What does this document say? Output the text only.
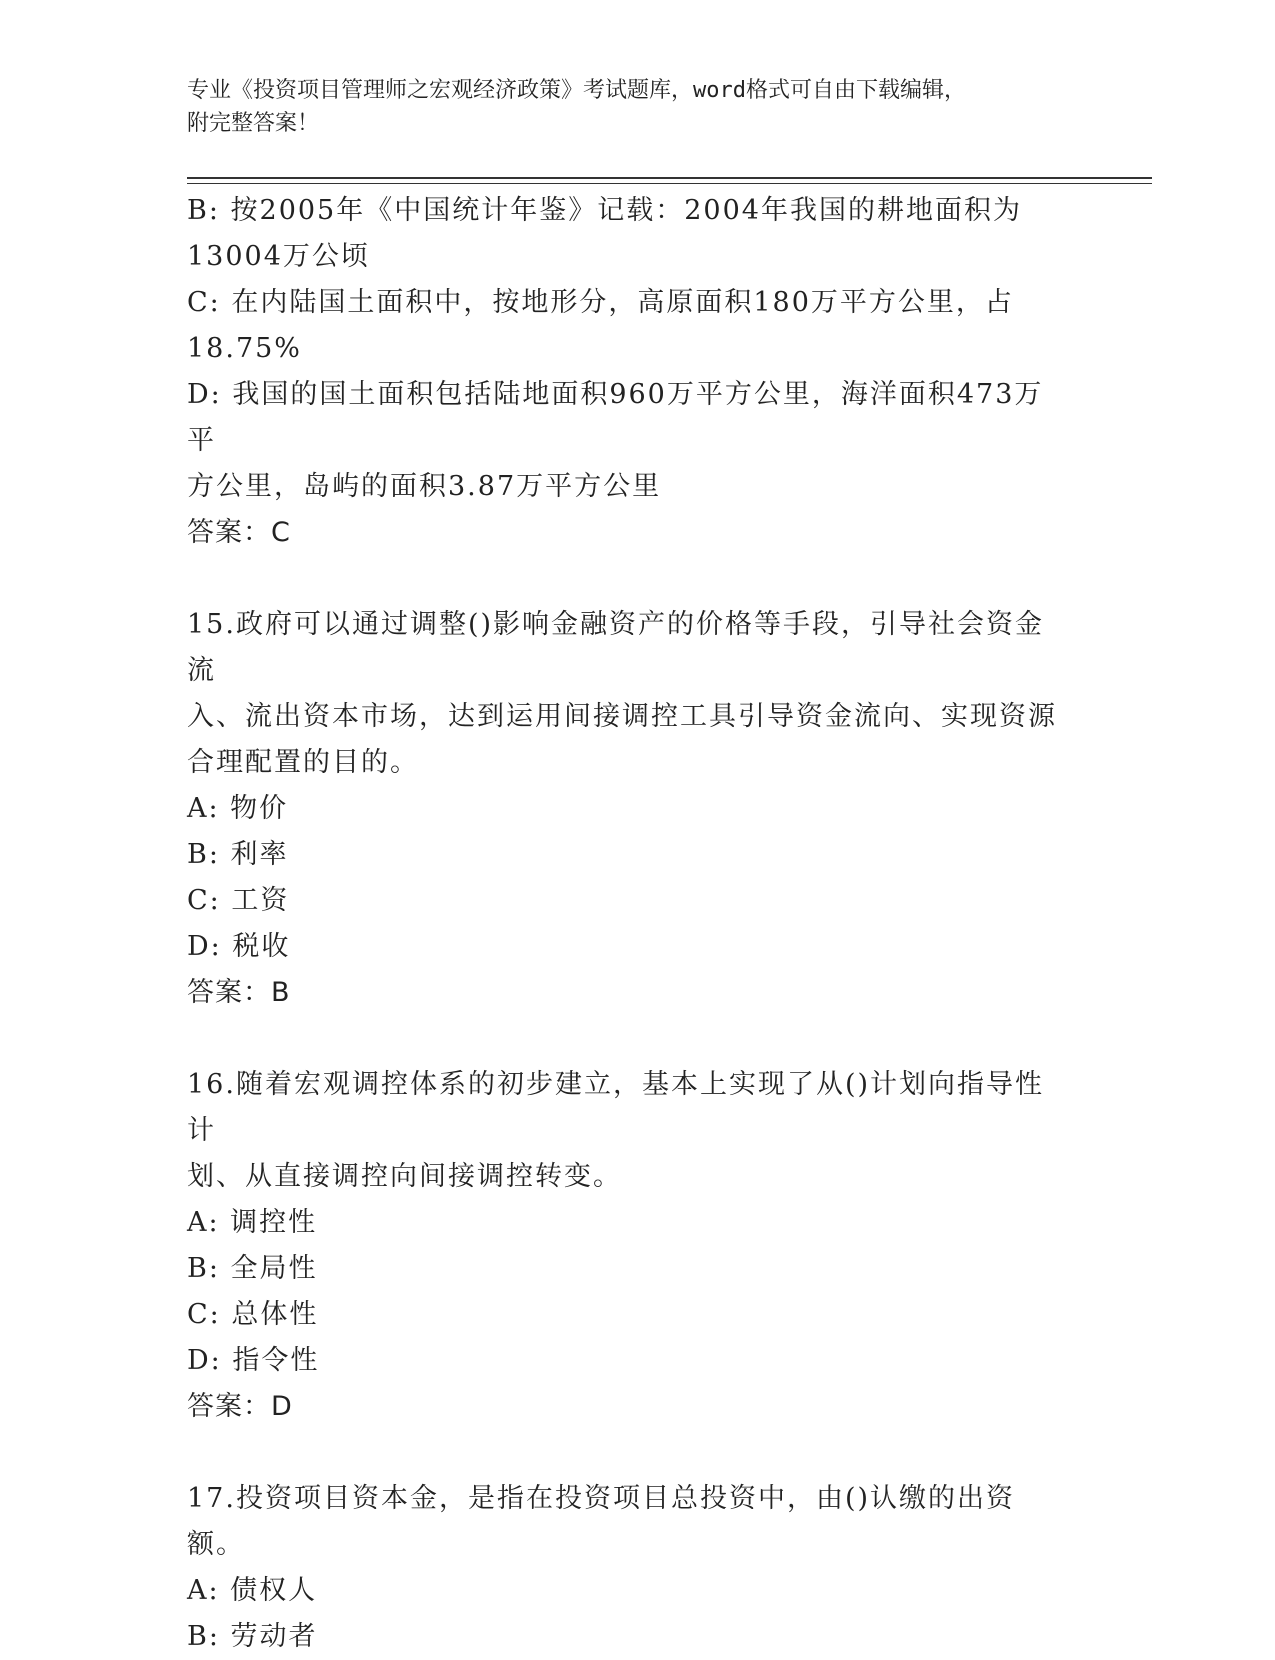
专业《投资项目管理师之宏观经济政策》考试题库，word格式可自由下载编辑，

附完整答案！

B: 按2005年《中国统计年鉴》记载：2004年我国的耕地面积为

13004万公顷

C: 在内陆国土面积中，按地形分，高原面积180万平方公里，占

18.75%

D: 我国的国土面积包括陆地面积960万平方公里，海洋面积473万平

方公里，岛屿的面积3.87万平方公里

答案：C

15.政府可以通过调整()影响金融资产的价格等手段，引导社会资金流

入、流出资本市场，达到运用间接调控工具引导资金流向、实现资源

合理配置的目的。

A: 物价

B: 利率

C: 工资

D: 税收

答案：B

16.随着宏观调控体系的初步建立，基本上实现了从()计划向指导性计

划、从直接调控向间接调控转变。

A: 调控性

B: 全局性

C: 总体性

D: 指令性

答案：D

17.投资项目资本金，是指在投资项目总投资中，由()认缴的出资额。

A: 债权人

B: 劳动者
